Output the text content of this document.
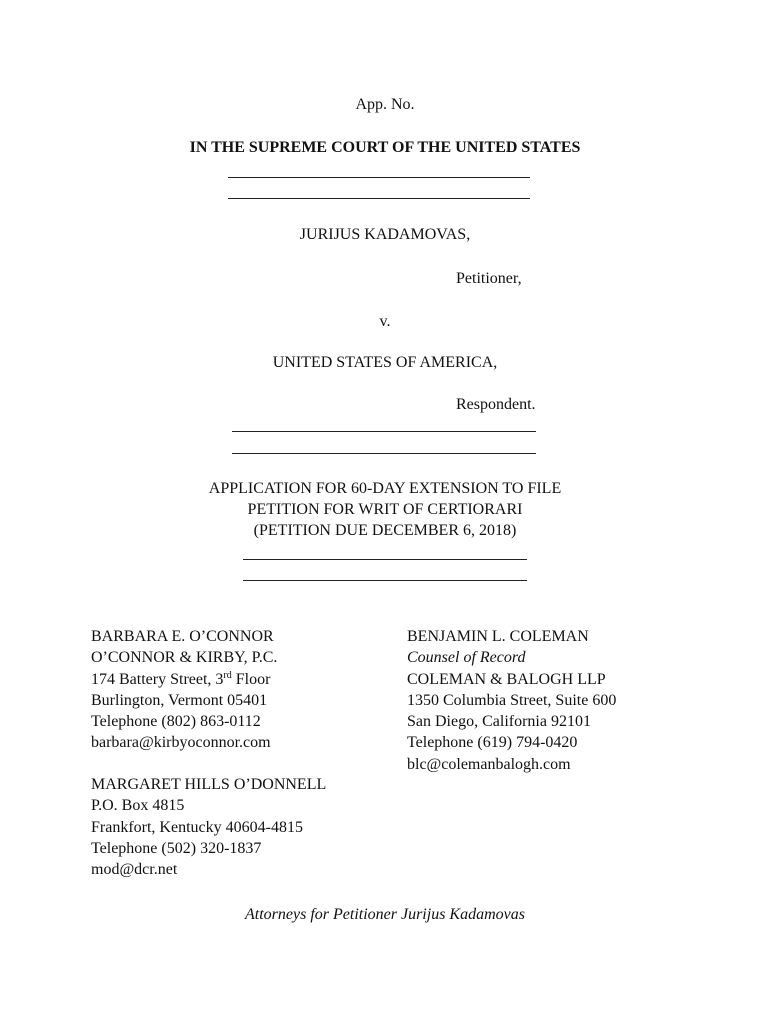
App. No.
IN THE SUPREME COURT OF THE UNITED STATES
JURIJUS KADAMOVAS,
Petitioner,
v.
UNITED STATES OF AMERICA,
Respondent.
APPLICATION FOR 60-DAY EXTENSION TO FILE
PETITION FOR WRIT OF CERTIORARI
(PETITION DUE DECEMBER 6, 2018)
BARBARA E. O’CONNOR
O’CONNOR & KIRBY, P.C.
174 Battery Street, 3rd Floor
Burlington, Vermont 05401
Telephone (802) 863-0112
barbara@kirbyoconnor.com
BENJAMIN L. COLEMAN
Counsel of Record
COLEMAN & BALOGH LLP
1350 Columbia Street, Suite 600
San Diego, California 92101
Telephone (619) 794-0420
blc@colemanbalogh.com
MARGARET HILLS O’DONNELL
P.O. Box 4815
Frankfort, Kentucky 40604-4815
Telephone (502) 320-1837
mod@dcr.net
Attorneys for Petitioner Jurijus Kadamovas
